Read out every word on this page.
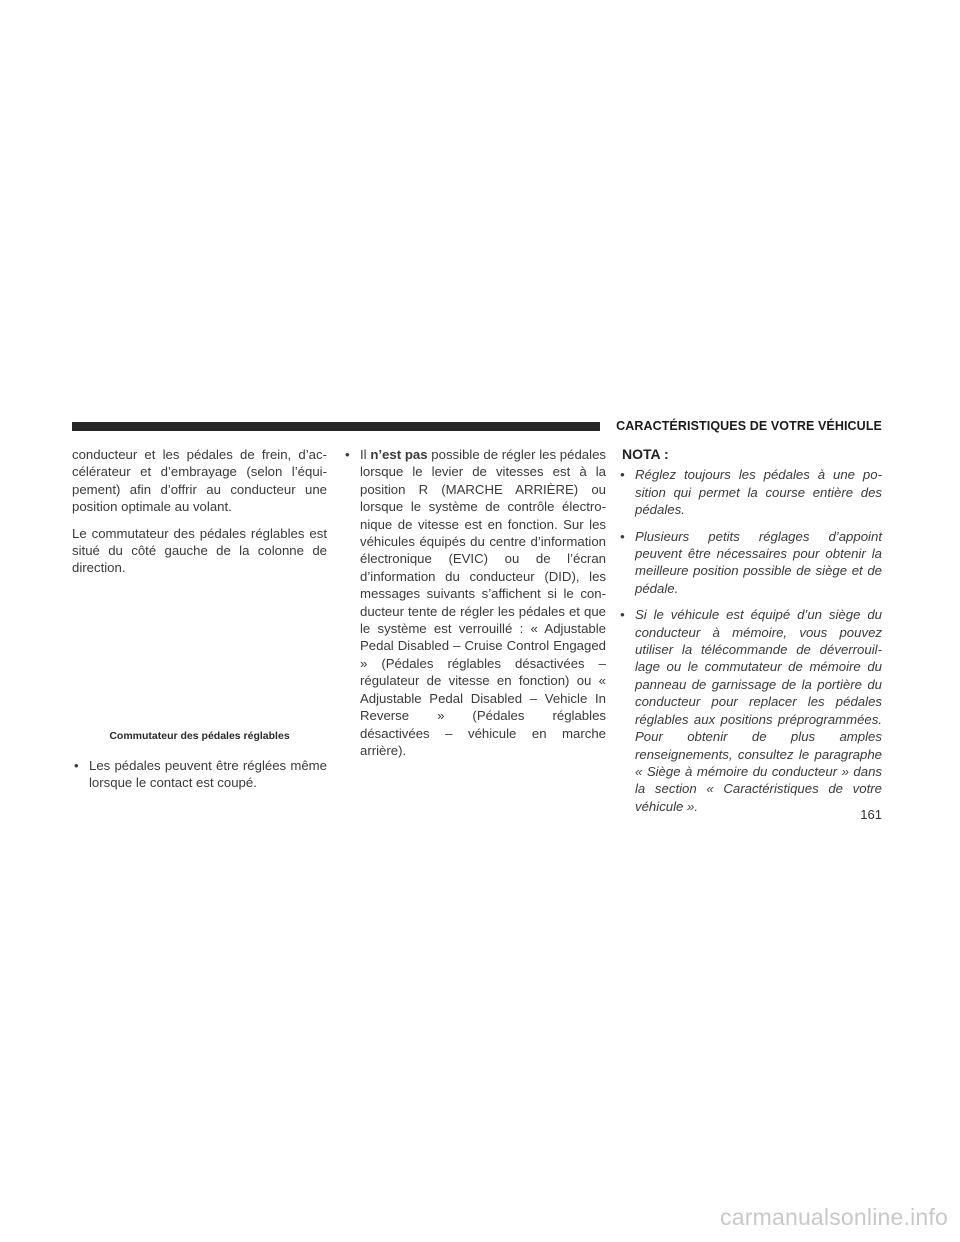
CARACTÉRISTIQUES DE VOTRE VÉHICULE

conducteur et les pédales de frein, d’accélérateur et d’embrayage (selon l’équipement) afin d’offrir au conducteur une position optimale au volant.

Le commutateur des pédales réglables est situé du côté gauche de la colonne de direction.

Commutateur des pédales réglables
• Les pédales peuvent être réglées même lorsque le contact est coupé.
• Il n’est pas possible de régler les pédales lorsque le levier de vitesses est à la position R (MARCHE ARRIÈRE) ou lorsque le système de contrôle électronique de vitesse est en fonction. Sur les véhicules équipés du centre d’information électronique (EVIC) ou de l’écran d’information du conducteur (DID), les messages suivants s’affichent si le conducteur tente de régler les pédales et que le système est verrouillé : « Adjustable Pedal Disabled – Cruise Control Engaged » (Pédales réglables désactivées – régulateur de vitesse en fonction) ou « Adjustable Pedal Disabled – Vehicle In Reverse » (Pédales réglables désactivées – véhicule en marche arrière).
NOTA :
• Réglez toujours les pédales à une position qui permet la course entière des pédales.
• Plusieurs petits réglages d’appoint peuvent être nécessaires pour obtenir la meilleure position possible de siège et de pédale.
• Si le véhicule est équipé d’un siège du conducteur à mémoire, vous pouvez utiliser la télécommande de déverrouillage ou le commutateur de mémoire du panneau de garnissage de la portière du conducteur pour replacer les pédales réglables aux positions préprogrammées. Pour obtenir de plus amples renseignements, consultez le paragraphe « Siège à mémoire du conducteur » dans la section « Caractéristiques de votre véhicule ».
161
carmanualsonline.info
